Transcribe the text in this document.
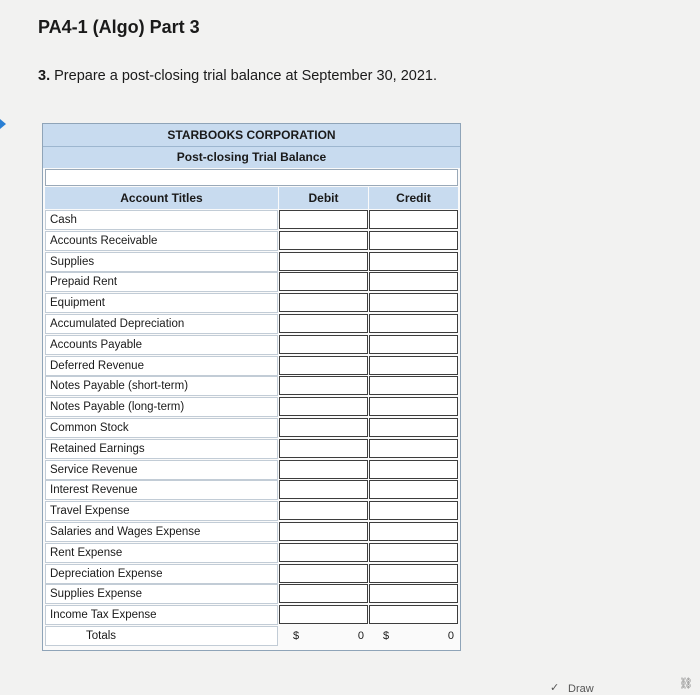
PA4-1 (Algo) Part 3
3. Prepare a post-closing trial balance at September 30, 2021.
STARBOOKS CORPORATION
Post-closing Trial Balance
Account Titles	Debit	Credit
Cash
Accounts Receivable
Supplies
Prepaid Rent
Equipment
Accumulated Depreciation
Accounts Payable
Deferred Revenue
Notes Payable (short-term)
Notes Payable (long-term)
Common Stock
Retained Earnings
Service Revenue
Interest Revenue
Travel Expense
Salaries and Wages Expense
Rent Expense
Depreciation Expense
Supplies Expense
Income Tax Expense
Totals	$	0 $	0
✓ Draw	⛓
